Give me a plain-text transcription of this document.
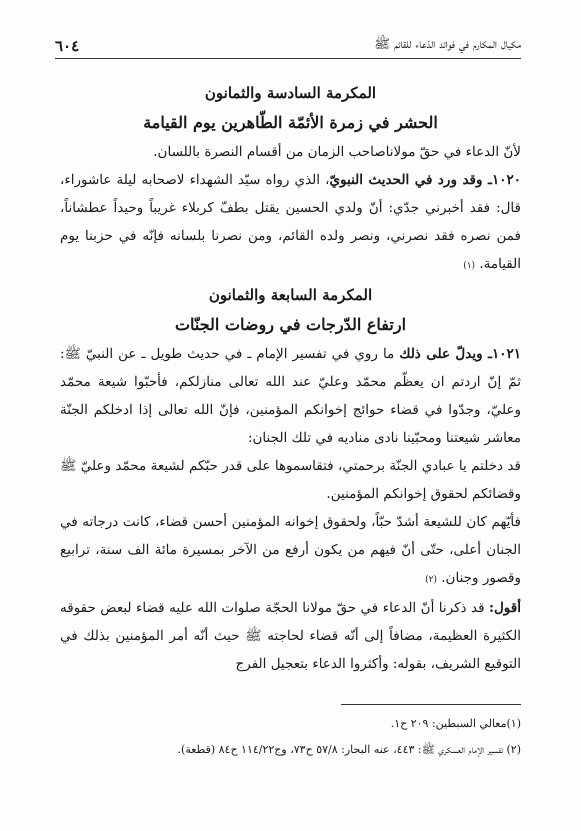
مكيال المكارم في فوائد الدّعاء للقائم ﷺ
٦٠٤

المكرمة السادسة والثمانون

الحشر في زمرة الأئمّة الطّاهرين يوم القيامة

لأنّ الدعاء في حقّ مولاناصاحب الزمان من أقسام النصرة باللسان.

١٠٢٠ـ وقد ورد في الحديث النبويّ، الذي رواه سيّد الشهداء لاصحابه ليلة عاشوراء، قال: فقد أخبرني جدّي: أنّ ولدي الحسين يقتل بطفّ كربلاء غريباً وحيداً عطشاناً، فمن نصره فقد نصرني، ونصر ولده القائم، ومن نصرنا بلسانه فإنّه في حزبنا يوم القيامة. (١)

المكرمة السابعة والثمانون

ارتفاع الدّرجات في روضات الجنّات

١٠٢١ـ ويدلّ على ذلك ما روي في تفسير الإمام ـ في حديث طويل ـ عن النبيّ ﷺ: ثمّ إنّ اردتم ان يعظّم محمّد وعليّ عند الله تعالى منازلكم، فأحبّوا شيعة محمّد وعليّ، وجدّوا في قضاء حوائج إخوانكم المؤمنين، فإنّ الله تعالى إذا ادخلكم الجنّة معاشر شيعتنا ومحبّينا نادى مناديه في تلك الجنان:

قد دخلتم يا عبادي الجنّة برحمتي، فتقاسموها على قدر حبّكم لشيعة محمّد وعليّ ﷺ وقضائكم لحقوق إخوانكم المؤمنين.

فأيّهم كان للشيعة أشدّ حبّاً، ولحقوق إخوانه المؤمنين أحسن قضاء، كانت درجاته في الجنان أعلى، حتّى أنّ فيهم من يكون أرفع من الآخر بمسيرة مائة الف سنة، ترابيع وقصور وجنان. (٢)

أقول: قد ذكرنا أنّ الدعاء في حقّ مولانا الحجّة صلوات الله عليه قضاء لبعض حقوقه الكثيرة العظيمة، مضافاً إلى أنّه قضاء لحاجته ﷺ حيث أنّه أمر المؤمنين بذلك في التوقيع الشريف، بقوله: وأكثروا الدعاء بتعجيل الفرج

(١)معالي السبطين: ٢٠٩ ح١.
(٢) تفسير الإمام العسكري ﷺ: ٤٤٣، عنه البحار: ٥٧/٨ ح٧٣، وج١١٤/٢٢ ح٨٤ (قطعة).
